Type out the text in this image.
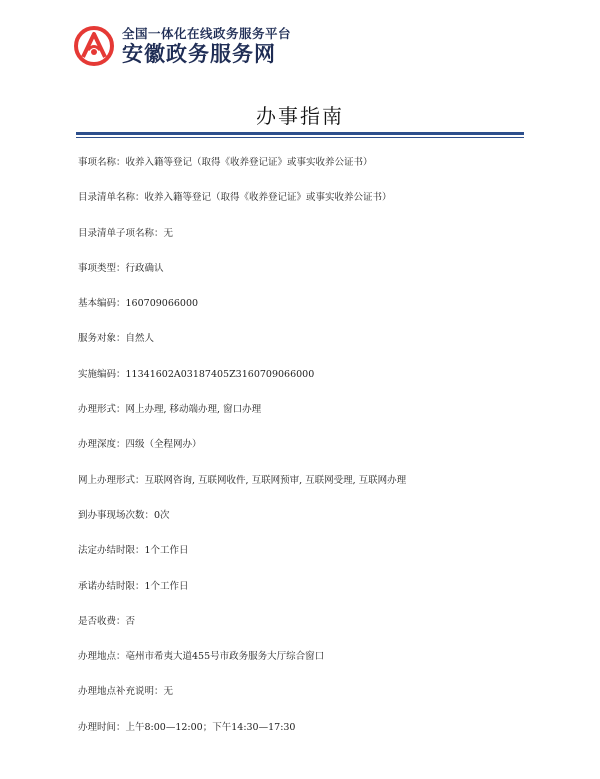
全国一体化在线政务服务平台
安徽政务服务网
办事指南
事项名称：收养入籍等登记（取得《收养登记证》或事实收养公证书）
目录清单名称：收养入籍等登记（取得《收养登记证》或事实收养公证书）
目录清单子项名称：无
事项类型：行政确认
基本编码：160709066000
服务对象：自然人
实施编码：11341602A03187405Z3160709066000
办理形式：网上办理, 移动端办理, 窗口办理
办理深度：四级（全程网办）
网上办理形式：互联网咨询, 互联网收件, 互联网预审, 互联网受理, 互联网办理
到办事现场次数：0次
法定办结时限：1个工作日
承诺办结时限：1个工作日
是否收费：否
办理地点：亳州市希夷大道455号市政务服务大厅综合窗口
办理地点补充说明：无
办理时间：上午8:00—12:00；下午14:30—17:30
